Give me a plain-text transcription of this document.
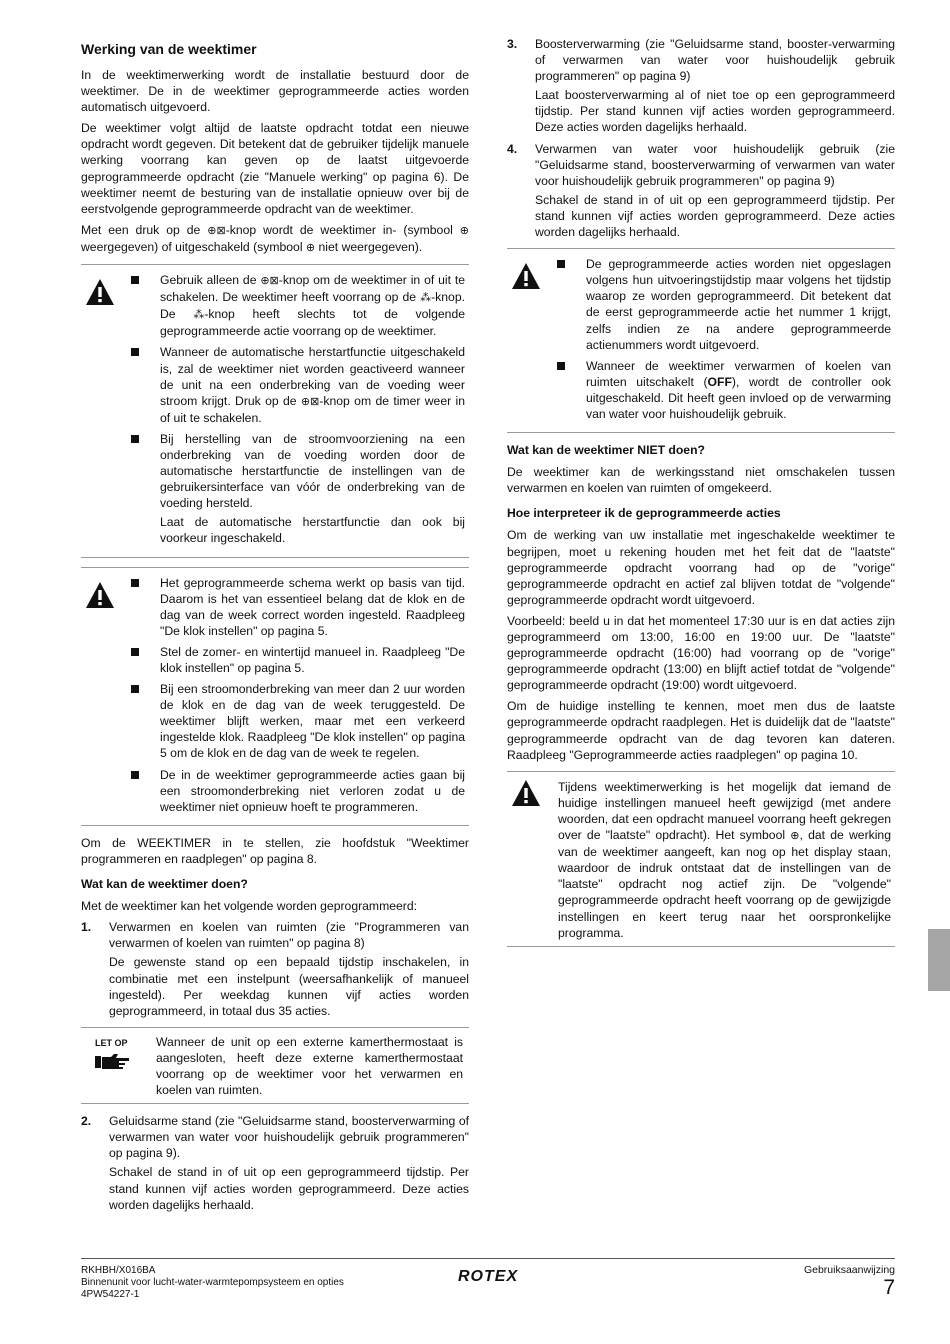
Werking van de weektimer

In de weektimerwerking wordt de installatie bestuurd door de weektimer. De in de weektimer geprogrammeerde acties worden automatisch uitgevoerd.

De weektimer volgt altijd de laatste opdracht totdat een nieuwe opdracht wordt gegeven. Dit betekent dat de gebruiker tijdelijk manuele werking voorrang kan geven op de laatst uitgevoerde geprogrammeerde opdracht (zie "Manuele werking" op pagina 6). De weektimer neemt de besturing van de installatie opnieuw over bij de eerstvolgende geprogrammeerde opdracht van de weektimer.

Met een druk op de ⊕⊠-knop wordt de weektimer in- (symbool ⊕ weergegeven) of uitgeschakeld (symbool ⊕ niet weergegeven).

Gebruik alleen de ⊕⊠-knop om de weektimer in of uit te schakelen. De weektimer heeft voorrang op de ⁂-knop. De ⁂-knop heeft slechts tot de volgende geprogrammeerde actie voorrang op de weektimer.

Wanneer de automatische herstartfunctie uitgeschakeld is, zal de weektimer niet worden geactiveerd wanneer de unit na een onderbreking van de voeding weer stroom krijgt. Druk op de ⊕⊠-knop om de timer weer in of uit te schakelen.

Bij herstelling van de stroomvoorziening na een onderbreking van de voeding worden door de automatische herstartfunctie de instellingen van de gebruikersinterface van vóór de onderbreking van de voeding hersteld.

Laat de automatische herstartfunctie dan ook bij voorkeur ingeschakeld.

Het geprogrammeerde schema werkt op basis van tijd. Daarom is het van essentieel belang dat de klok en de dag van de week correct worden ingesteld. Raadpleeg "De klok instellen" op pagina 5.

Stel de zomer- en wintertijd manueel in. Raadpleeg "De klok instellen" op pagina 5.

Bij een stroomonderbreking van meer dan 2 uur worden de klok en de dag van de week teruggesteld. De weektimer blijft werken, maar met een verkeerd ingestelde klok. Raadpleeg "De klok instellen" op pagina 5 om de klok en de dag van de week te regelen.

De in de weektimer geprogrammeerde acties gaan bij een stroomonderbreking niet verloren zodat u de weektimer niet opnieuw hoeft te programmeren.

Om de WEEKTIMER in te stellen, zie hoofdstuk "Weektimer programmeren en raadplegen" op pagina 8.

Wat kan de weektimer doen?

Met de weektimer kan het volgende worden geprogrammeerd:

1. Verwarmen en koelen van ruimten (zie "Programmeren van verwarmen of koelen van ruimten" op pagina 8)

De gewenste stand op een bepaald tijdstip inschakelen, in combinatie met een instelpunt (weersafhankelijk of manueel ingesteld). Per weekdag kunnen vijf acties worden geprogrammeerd, in totaal dus 35 acties.

LET OP Wanneer de unit op een externe kamerthermostaat is aangesloten, heeft deze externe kamerthermostaat voorrang op de weektimer voor het verwarmen en koelen van ruimten.

2. Geluidsarme stand (zie "Geluidsarme stand, boosterverwarming of verwarmen van water voor huishoudelijk gebruik programmeren" op pagina 9).

Schakel de stand in of uit op een geprogrammeerd tijdstip. Per stand kunnen vijf acties worden geprogrammeerd. Deze acties worden dagelijks herhaald.

3. Boosterverwarming (zie "Geluidsarme stand, booster-verwarming of verwarmen van water voor huishoudelijk gebruik programmeren" op pagina 9)

Laat boosterverwarming al of niet toe op een geprogrammeerd tijdstip. Per stand kunnen vijf acties worden geprogrammeerd. Deze acties worden dagelijks herhaald.

4. Verwarmen van water voor huishoudelijk gebruik (zie "Geluidsarme stand, boosterverwarming of verwarmen van water voor huishoudelijk gebruik programmeren" op pagina 9)

Schakel de stand in of uit op een geprogrammeerd tijdstip. Per stand kunnen vijf acties worden geprogrammeerd. Deze acties worden dagelijks herhaald.

De geprogrammeerde acties worden niet opgeslagen volgens hun uitvoeringstijdstip maar volgens het tijdstip waarop ze worden geprogrammeerd. Dit betekent dat de eerst geprogrammeerde actie het nummer 1 krijgt, zelfs indien ze na andere geprogrammeerde actienummers wordt uitgevoerd.

Wanneer de weektimer verwarmen of koelen van ruimten uitschakelt (OFF), wordt de controller ook uitgeschakeld. Dit heeft geen invloed op de verwarming van water voor huishoudelijk gebruik.

Wat kan de weektimer NIET doen?

De weektimer kan de werkingsstand niet omschakelen tussen verwarmen en koelen van ruimten of omgekeerd.

Hoe interpreteer ik de geprogrammeerde acties

Om de werking van uw installatie met ingeschakelde weektimer te begrijpen, moet u rekening houden met het feit dat de "laatste" geprogrammeerde opdracht voorrang had op de "vorige" geprogrammeerde opdracht en actief zal blijven totdat de "volgende" geprogrammeerde opdracht wordt uitgevoerd.

Voorbeeld: beeld u in dat het momenteel 17:30 uur is en dat acties zijn geprogrammeerd om 13:00, 16:00 en 19:00 uur. De "laatste" geprogrammeerde opdracht (16:00) had voorrang op de "vorige" geprogrammeerde opdracht (13:00) en blijft actief totdat de "volgende" geprogrammeerde opdracht (19:00) wordt uitgevoerd.

Om de huidige instelling te kennen, moet men dus de laatste geprogrammeerde opdracht raadplegen. Het is duidelijk dat de "laatste" geprogrammeerde opdracht van de dag tevoren kan dateren. Raadpleeg "Geprogrammeerde acties raadplegen" op pagina 10.

Tijdens weektimerwerking is het mogelijk dat iemand de huidige instellingen manueel heeft gewijzigd (met andere woorden, dat een opdracht manueel voorrang heeft gekregen over de "laatste" opdracht). Het symbool ⊕, dat de werking van de weektimer aangeeft, kan nog op het display staan, waardoor de indruk ontstaat dat de instellingen van de "laatste" opdracht nog actief zijn. De "volgende" geprogrammeerde opdracht heeft voorrang op de gewijzigde instellingen en keert terug naar het oorspronkelijke programma.

RKHBH/X016BA
Binnenunit voor lucht-water-warmtepompsysteem en opties
4PW54227-1
ROTEX	Gebruiksaanwijzing
7
